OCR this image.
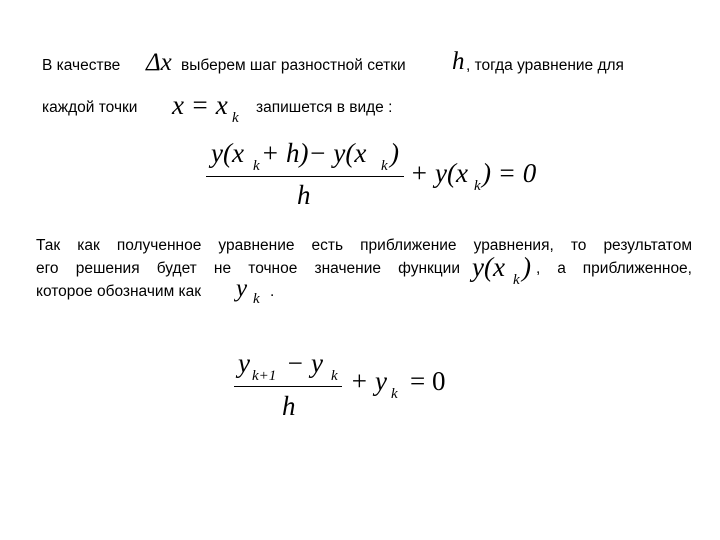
В качестве Δx выберем шаг разностной сетки h , тогда уравнение для
каждой точки x = x k
запишется в виде :
y(x k + h)− y(x k )
h
+ y(x k ) = 0
Так как полученное уравнение есть приближение уравнения, то результатом
его решения будет не точное значение функции y(x k ) , а приближенное,
которое обозначим как y k .
y k+1 − y k
h
+ y k = 0
